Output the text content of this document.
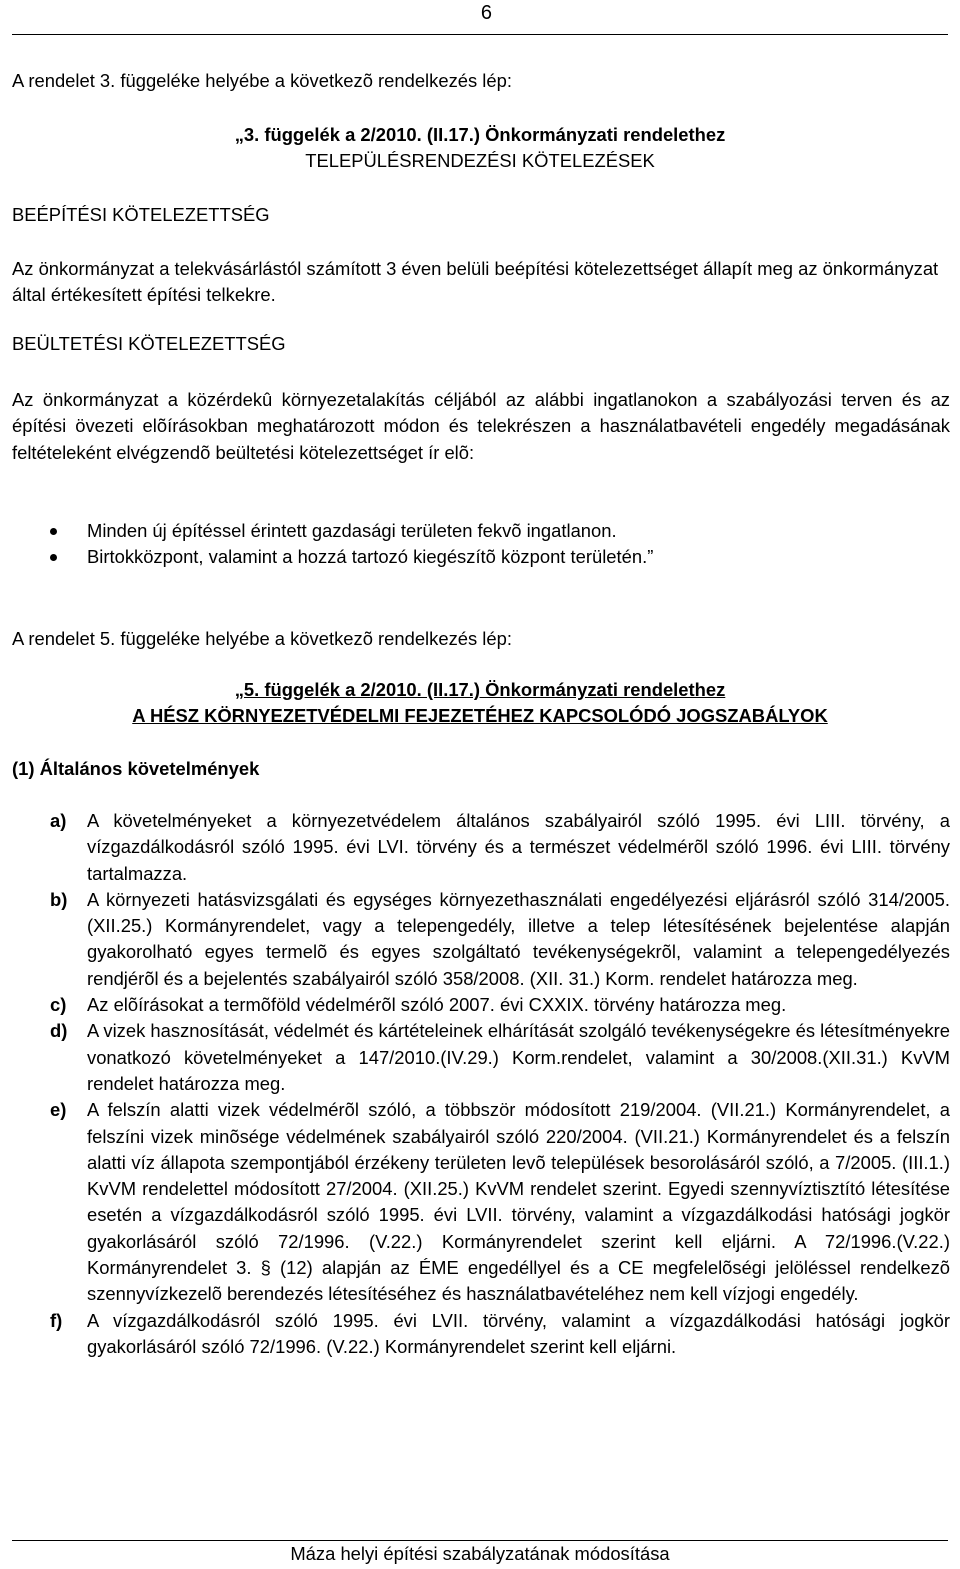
6

A rendelet 3. függeléke helyébe a következõ rendelkezés lép:

„3. függelék a 2/2010. (II.17.) Önkormányzati rendelethez
TELEPÜLÉSRENDEZÉSI KÖTELEZÉSEK

BEÉPÍTÉSI KÖTELEZETTSÉG

Az önkormányzat a telekvásárlástól számított 3 éven belüli beépítési kötelezettséget állapít meg az önkormányzat által értékesített építési telkekre.

BEÜLTETÉSI KÖTELEZETTSÉG

Az önkormányzat a közérdekû környezetalakítás céljából az alábbi ingatlanokon a szabályozási terven és az építési övezeti elõírásokban meghatározott módon és telekrészen a használatbavételi engedély megadásának feltételeként elvégzendõ beültetési kötelezettséget ír elõ:

Minden új építéssel érintett gazdasági területen fekvõ ingatlanon.
Birtokközpont, valamint a hozzá tartozó kiegészítõ központ területén.”

A rendelet 5. függeléke helyébe a következõ rendelkezés lép:

„5. függelék a 2/2010. (II.17.) Önkormányzati rendelethez
A HÉSZ KÖRNYEZETVÉDELMI FEJEZETÉHEZ KAPCSOLÓDÓ JOGSZABÁLYOK

(1) Általános követelmények

a) A követelményeket a környezetvédelem általános szabályairól szóló 1995. évi LIII. törvény, a vízgazdálkodásról szóló 1995. évi LVI. törvény és a természet védelmérõl szóló 1996. évi LIII. törvény tartalmazza.
b) A környezeti hatásvizsgálati és egységes környezethasználati engedélyezési eljárásról szóló 314/2005. (XII.25.) Kormányrendelet, vagy a telepengedély, illetve a telep létesítésének bejelentése alapján gyakorolható egyes termelõ és egyes szolgáltató tevékenységekrõl, valamint a telepengedélyezés rendjérõl és a bejelentés szabályairól szóló 358/2008. (XII. 31.) Korm. rendelet határozza meg.
c) Az elõírásokat a termõföld védelmérõl szóló 2007. évi CXXIX. törvény határozza meg.
d) A vizek hasznosítását, védelmét és kártételeinek elhárítását szolgáló tevékenységekre és létesítményekre vonatkozó követelményeket a 147/2010.(IV.29.) Korm.rendelet, valamint a 30/2008.(XII.31.) KvVM rendelet határozza meg.
e) A felszín alatti vizek védelmérõl szóló, a többször módosított 219/2004. (VII.21.) Kormányrendelet, a felszíni vizek minõsége védelmének szabályairól szóló 220/2004. (VII.21.) Kormányrendelet és a felszín alatti víz állapota szempontjából érzékeny területen levõ települések besorolásáról szóló, a 7/2005. (III.1.) KvVM rendelettel módosított 27/2004. (XII.25.) KvVM rendelet szerint. Egyedi szennyvíztisztító létesítése esetén a vízgazdálkodásról szóló 1995. évi LVII. törvény, valamint a vízgazdálkodási hatósági jogkör gyakorlásáról szóló 72/1996. (V.22.) Kormányrendelet szerint kell eljárni. A 72/1996.(V.22.) Kormányrendelet 3. § (12) alapján az ÉME engedéllyel és a CE megfelelõségi jelöléssel rendelkezõ szennyvízkezelõ berendezés létesítéséhez és használatbavételéhez nem kell vízjogi engedély.
f) A vízgazdálkodásról szóló 1995. évi LVII. törvény, valamint a vízgazdálkodási hatósági jogkör gyakorlásáról szóló 72/1996. (V.22.) Kormányrendelet szerint kell eljárni.
Máza helyi építési szabályzatának módosítása
